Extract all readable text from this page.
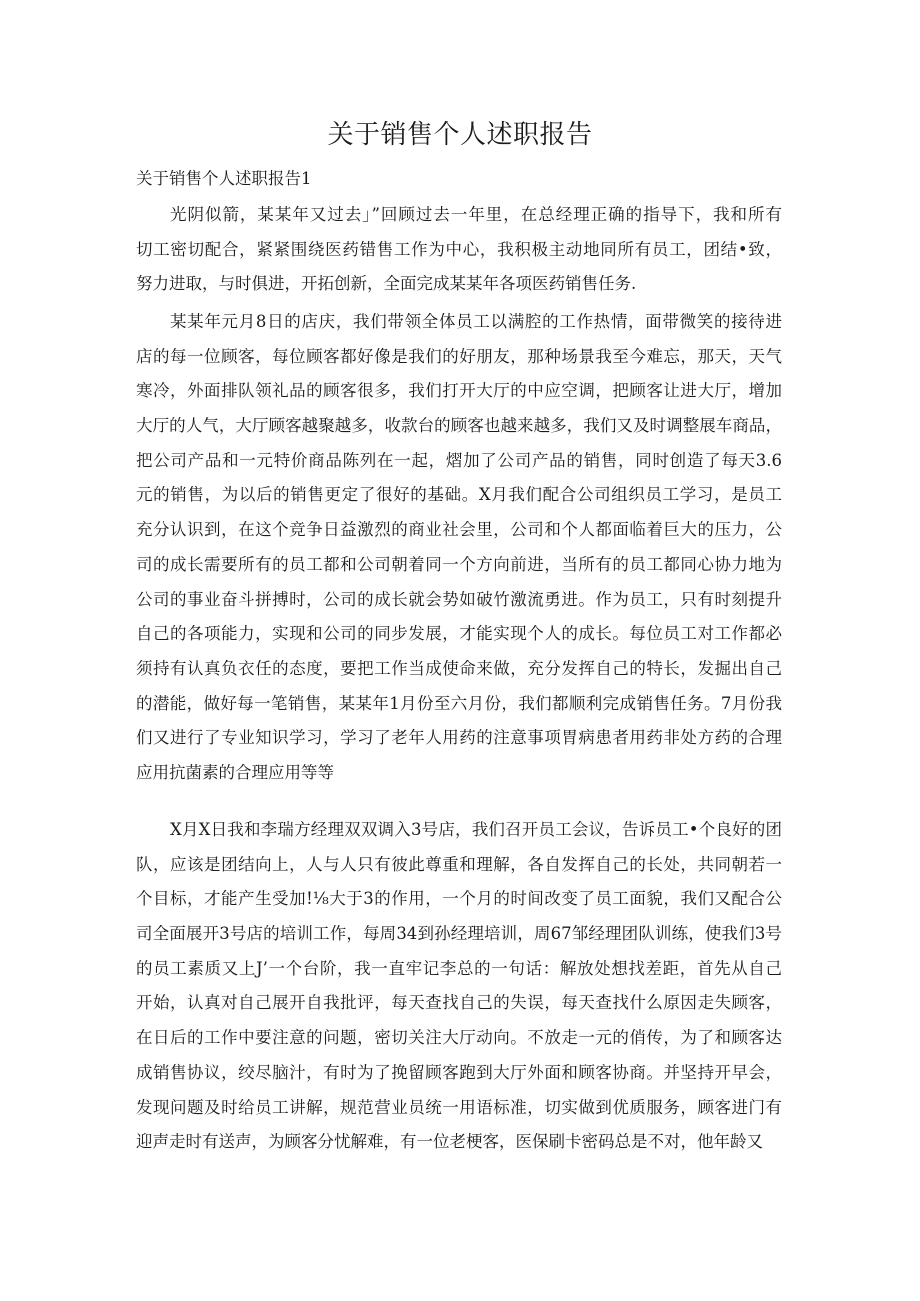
关于销售个人述职报告

关于销售个人述职报告1

光阴似箭，某某年又过去」”回顾过去一年里，在总经理正确的指导下，我和所有
切工密切配合，紧紧围绕医药错售工作为中心，我积极主动地同所有员工，团结•致，
努力进取，与时俱进，开拓创新，全面完成某某年各项医药销售任务.
某某年元月8日的店庆，我们带领全体员工以满腔的工作热情，面带微笑的接待进
店的每一位顾客，每位顾客都好像是我们的好朋友，那种场景我至今难忘，那天，天气
寒冷，外面排队领礼品的顾客很多，我们打开大厅的中应空调，把顾客让进大厅，增加
大厅的人气，大厅顾客越聚越多，收款台的顾客也越来越多，我们又及时调整展车商品，
把公司产品和一元特价商品陈列在一起，熠加了公司产品的销售，同时创造了每天3.6
元的销售，为以后的销售更定了很好的基础。X月我们配合公司组织员工学习，是员工
充分认识到，在这个竞争日益激烈的商业社会里，公司和个人都面临着巨大的压力，公
司的成长需要所有的员工都和公司朝着同一个方向前进，当所有的员工都同心协力地为
公司的事业奋斗拼搏时，公司的成长就会势如破竹激流勇进。作为员工，只有时刻提升
自己的各项能力，实现和公司的同步发展，才能实现个人的成长。每位员工对工作都必
须持有认真负衣任的态度，要把工作当成使命来做，充分发挥自己的特长，发掘出自己
的潜能，做好每一笔销售，某某年1月份至六月份，我们都顺利完成销售任务。7月份我
们又进行了专业知识学习，学习了老年人用药的注意事项胃病患者用药非处方药的合理
应用抗菌素的合理应用等等
X月X日我和李瑞方经理双双调入3号店，我们召开员工会议，告诉员工•个良好的团
队，应该是团结向上，人与人只有彼此尊重和理解，各自发挥自己的长处，共同朝若一
个目标，才能产生受加!⅛大于3的作用，一个月的时间改变了员工面貌，我们又配合公
司全面展开3号店的培训工作，每周34到孙经理培训，周67邹经理团队训练，使我们3号
的员工素质又上J’一个台阶，我一直牢记李总的一句话：解放处想找差距，首先从自己
开始，认真对自己展开自我批评，每天查找自己的失误，每天查找什么原因走失顾客，
在日后的工作中要注意的问题，密切关注大厅动向。不放走一元的俏传，为了和顾客达
成销售协议，绞尽脑汁，有时为了挽留顾客跑到大厅外面和顾客协商。并坚持开早会，
发现问题及时给员工讲解，规范营业员统一用语标准，切实做到优质服务，顾客进门有
迎声走时有送声，为顾客分忧解难，有一位老梗客，医保刷卡密码总是不对，他年龄又
